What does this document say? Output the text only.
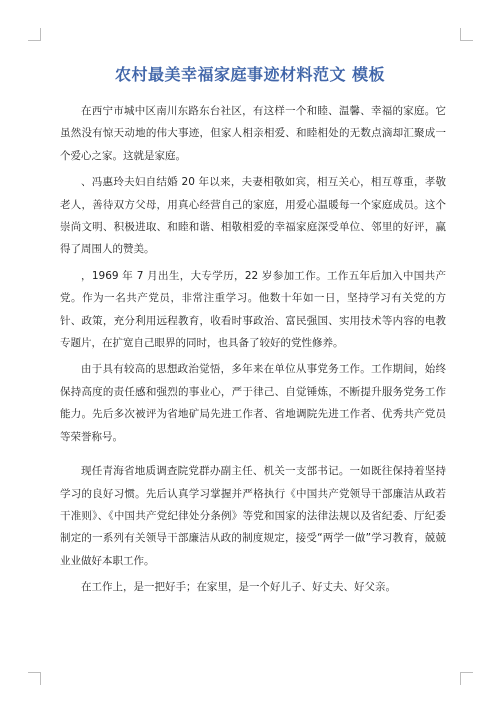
农村最美幸福家庭事迹材料范文 模板

在西宁市城中区南川东路东台社区，有这样一个和睦、温馨、幸福的家庭。它虽然没有惊天动地的伟大事迹，但家人相亲相爱、和睦相处的无数点滴却汇聚成一个爱心之家。这就是家庭。

、冯惠玲夫妇自结婚 20 年以来，夫妻相敬如宾，相互关心，相互尊重，孝敬老人，善待双方父母，用真心经营自己的家庭，用爱心温暖每一个家庭成员。这个崇尚文明、积极进取、和睦和谐、相敬相爱的幸福家庭深受单位、邻里的好评，赢得了周围人的赞美。

，1969 年 7 月出生，大专学历，22 岁参加工作。工作五年后加入中国共产党。作为一名共产党员，非常注重学习。他数十年如一日，坚持学习有关党的方针、政策，充分利用远程教育，收看时事政治、富民强国、实用技术等内容的电教专题片，在扩宽自己眼界的同时，也具备了较好的党性修养。

由于具有较高的思想政治觉悟，多年来在单位从事党务工作。工作期间，始终保持高度的责任感和强烈的事业心，严于律己、自觉锤炼，不断提升服务党务工作能力。先后多次被评为省地矿局先进工作者、省地调院先进工作者、优秀共产党员等荣誉称号。

现任青海省地质调查院党群办副主任、机关一支部书记。一如既往保持着坚持学习的良好习惯。先后认真学习掌握并严格执行《中国共产党领导干部廉洁从政若干准则》、《中国共产党纪律处分条例》等党和国家的法律法规以及省纪委、厅纪委制定的一系列有关领导干部廉洁从政的制度规定，接受“两学一做”学习教育，兢兢业业做好本职工作。

在工作上，是一把好手；在家里，是一个好儿子、好丈夫、好父亲。
